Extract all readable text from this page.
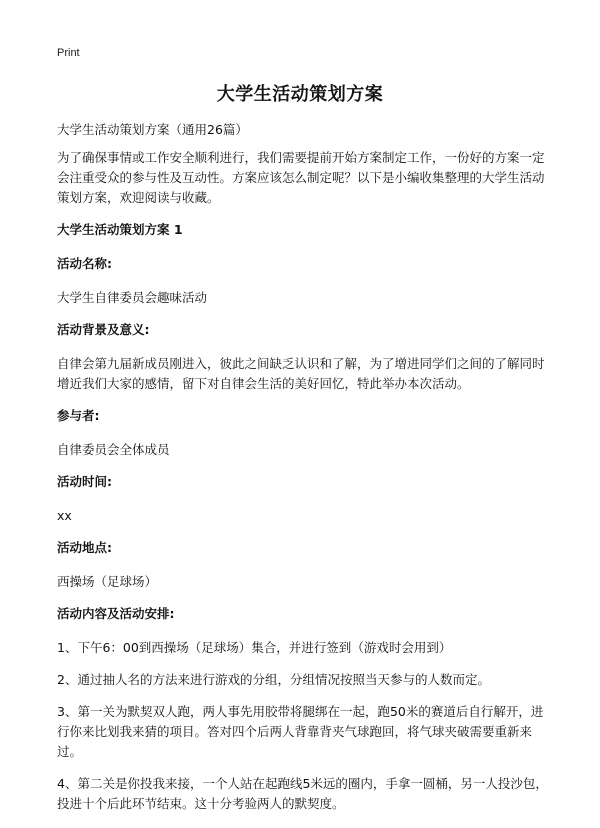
Print
大学生活动策划方案

大学生活动策划方案（通用26篇）

为了确保事情或工作安全顺利进行，我们需要提前开始方案制定工作，一份好的方案一定会注重受众的参与性及互动性。方案应该怎么制定呢？以下是小编收集整理的大学生活动策划方案，欢迎阅读与收藏。

大学生活动策划方案 1

活动名称:

大学生自律委员会趣味活动

活动背景及意义:

自律会第九届新成员刚进入，彼此之间缺乏认识和了解，为了增进同学们之间的了解同时增近我们大家的感情，留下对自律会生活的美好回忆，特此举办本次活动。

参与者:

自律委员会全体成员

活动时间:

xx

活动地点:

西操场（足球场）

活动内容及活动安排:

1、下午6：00到西操场（足球场）集合，并进行签到（游戏时会用到）

2、通过抽人名的方法来进行游戏的分组，分组情况按照当天参与的人数而定。

3、第一关为默契双人跑，两人事先用胶带将腿绑在一起，跑50米的赛道后自行解开，进行你来比划我来猜的项目。答对四个后两人背靠背夹气球跑回，将气球夹破需要重新来过。

4、第二关是你投我来接，一个人站在起跑线5米远的圈内，手拿一圆桶，另一人投沙包，投进十个后此环节结束。这十分考验两人的默契度。
